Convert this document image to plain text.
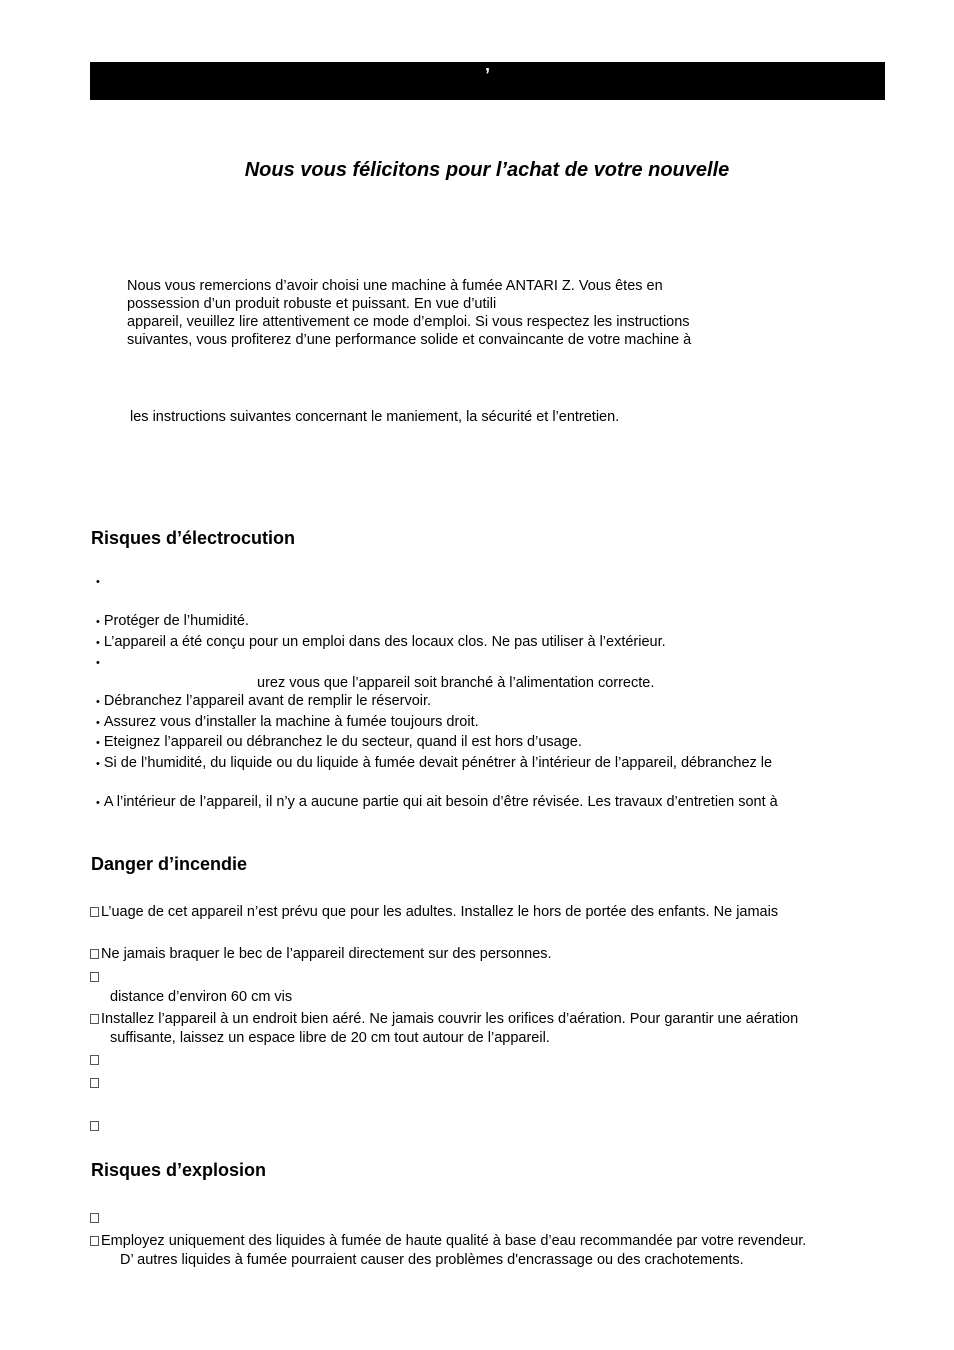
’
Nous vous félicitons pour l’achat de votre nouvelle
Nous vous remercions d’avoir choisi une machine à fumée ANTARI Z. Vous êtes en
possession d’un produit robuste et puissant. En vue d’utili
appareil, veuillez lire attentivement ce mode d’emploi. Si vous respectez les instructions
suivantes, vous profiterez d’une performance solide et convaincante de votre machine à
les instructions suivantes concernant le maniement, la sécurité et l’entretien.
Risques d’électrocution
•
• Protéger de l’humidité.
• L’appareil a été conçu pour un emploi dans des locaux clos. Ne pas utiliser à l’extérieur.
•
urez vous que l’appareil soit branché à l’alimentation correcte.
• Débranchez l’appareil avant de remplir le réservoir.
• Assurez vous d’installer la machine à fumée toujours droit.
• Eteignez l’appareil ou débranchez le du secteur, quand il est hors d’usage.
• Si de l’humidité, du liquide ou du liquide à fumée devait pénétrer à l’intérieur de l’appareil, débranchez le
• A l’intérieur de l’appareil, il n’y a aucune partie qui ait besoin d’être révisée. Les travaux d’entretien sont à
Danger d’incendie
L’uage de cet appareil n’est prévu que pour les adultes. Installez le hors de portée des enfants. Ne jamais
Ne jamais braquer le bec de l’appareil directement sur des personnes.
distance d’environ 60 cm vis
Installez l’appareil à un endroit bien aéré. Ne jamais couvrir les orifices d’aération. Pour garantir une aération
suffisante, laissez un espace libre de 20 cm tout autour de l’appareil.
Risques d’explosion
Employez uniquement des liquides à fumée de haute qualité à base d’eau recommandée par votre revendeur.
D’ autres liquides à fumée pourraient causer des problèmes d'encrassage ou des crachotements.
